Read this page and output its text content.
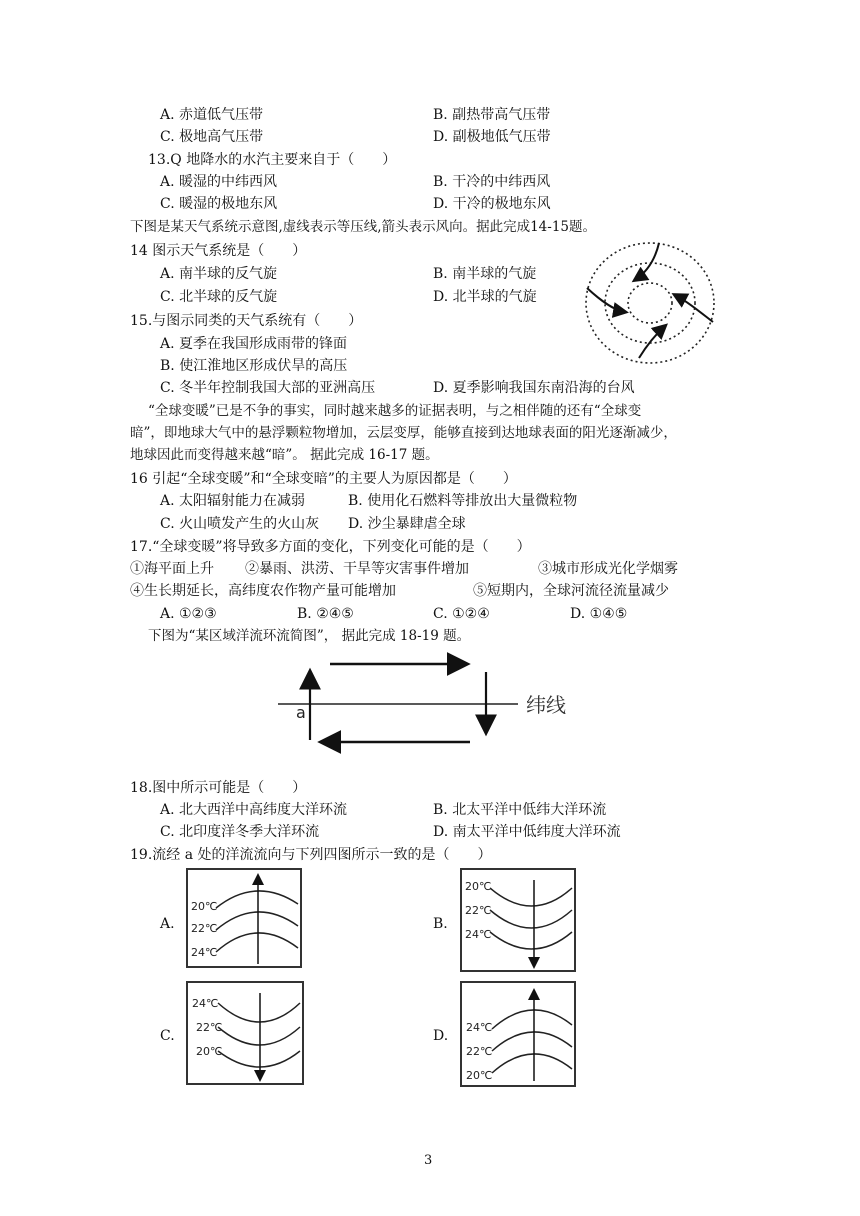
A. 赤道低气压带	B. 副热带高气压带
C. 极地高气压带	D. 副极地低气压带
13.Q 地降水的水汽主要来自于（　　）
A. 暖湿的中纬西风	B. 干冷的中纬西风
C. 暖湿的极地东风	D. 干冷的极地东风
下图是某天气系统示意图,虚线表示等压线,箭头表示风向。据此完成14-15题。
14 图示天气系统是（　　）
A. 南半球的反气旋	B. 南半球的气旋
C. 北半球的反气旋	D. 北半球的气旋
15.与图示同类的天气系统有（　　）
A. 夏季在我国形成雨带的锋面
B. 使江淮地区形成伏旱的高压
C. 冬半年控制我国大部的亚洲高压	D. 夏季影响我国东南沿海的台风
“全球变暖”已是不争的事实，同时越来越多的证据表明，与之相伴随的还有“全球变
暗”，即地球大气中的悬浮颗粒物增加，云层变厚，能够直接到达地球表面的阳光逐渐减少，
地球因此而变得越来越“暗”。 据此完成 16-17 题。
16 引起“全球变暖”和“全球变暗”的主要人为原因都是（　　）
A. 太阳辐射能力在减弱	B. 使用化石燃料等排放出大量微粒物
C. 火山喷发产生的火山灰 D. 沙尘暴肆虐全球
17.“全球变暖”将导致多方面的变化，下列变化可能的是（　　）
①海平面上升 ②暴雨、洪涝、干旱等灾害事件增加	③城市形成光化学烟雾
④生长期延长，高纬度农作物产量可能增加	⑤短期内，全球河流径流量减少
A. ①②③	B. ②④⑤	C. ①②④	D. ①④⑤
下图为“某区域洋流环流简图”， 据此完成 18-19 题。
a	纬线
18.图中所示可能是（　　）
A. 北大西洋中高纬度大洋环流	B. 北太平洋中低纬大洋环流
C. 北印度洋冬季大洋环流	D. 南太平洋中低纬度大洋环流
19.流经 a 处的洋流流向与下列四图所示一致的是（　　）
A.
20℃
22℃
24℃
B.
20℃
22℃
24℃
C.
24℃
22℃
20℃
D.
24℃
22℃
20℃
3
